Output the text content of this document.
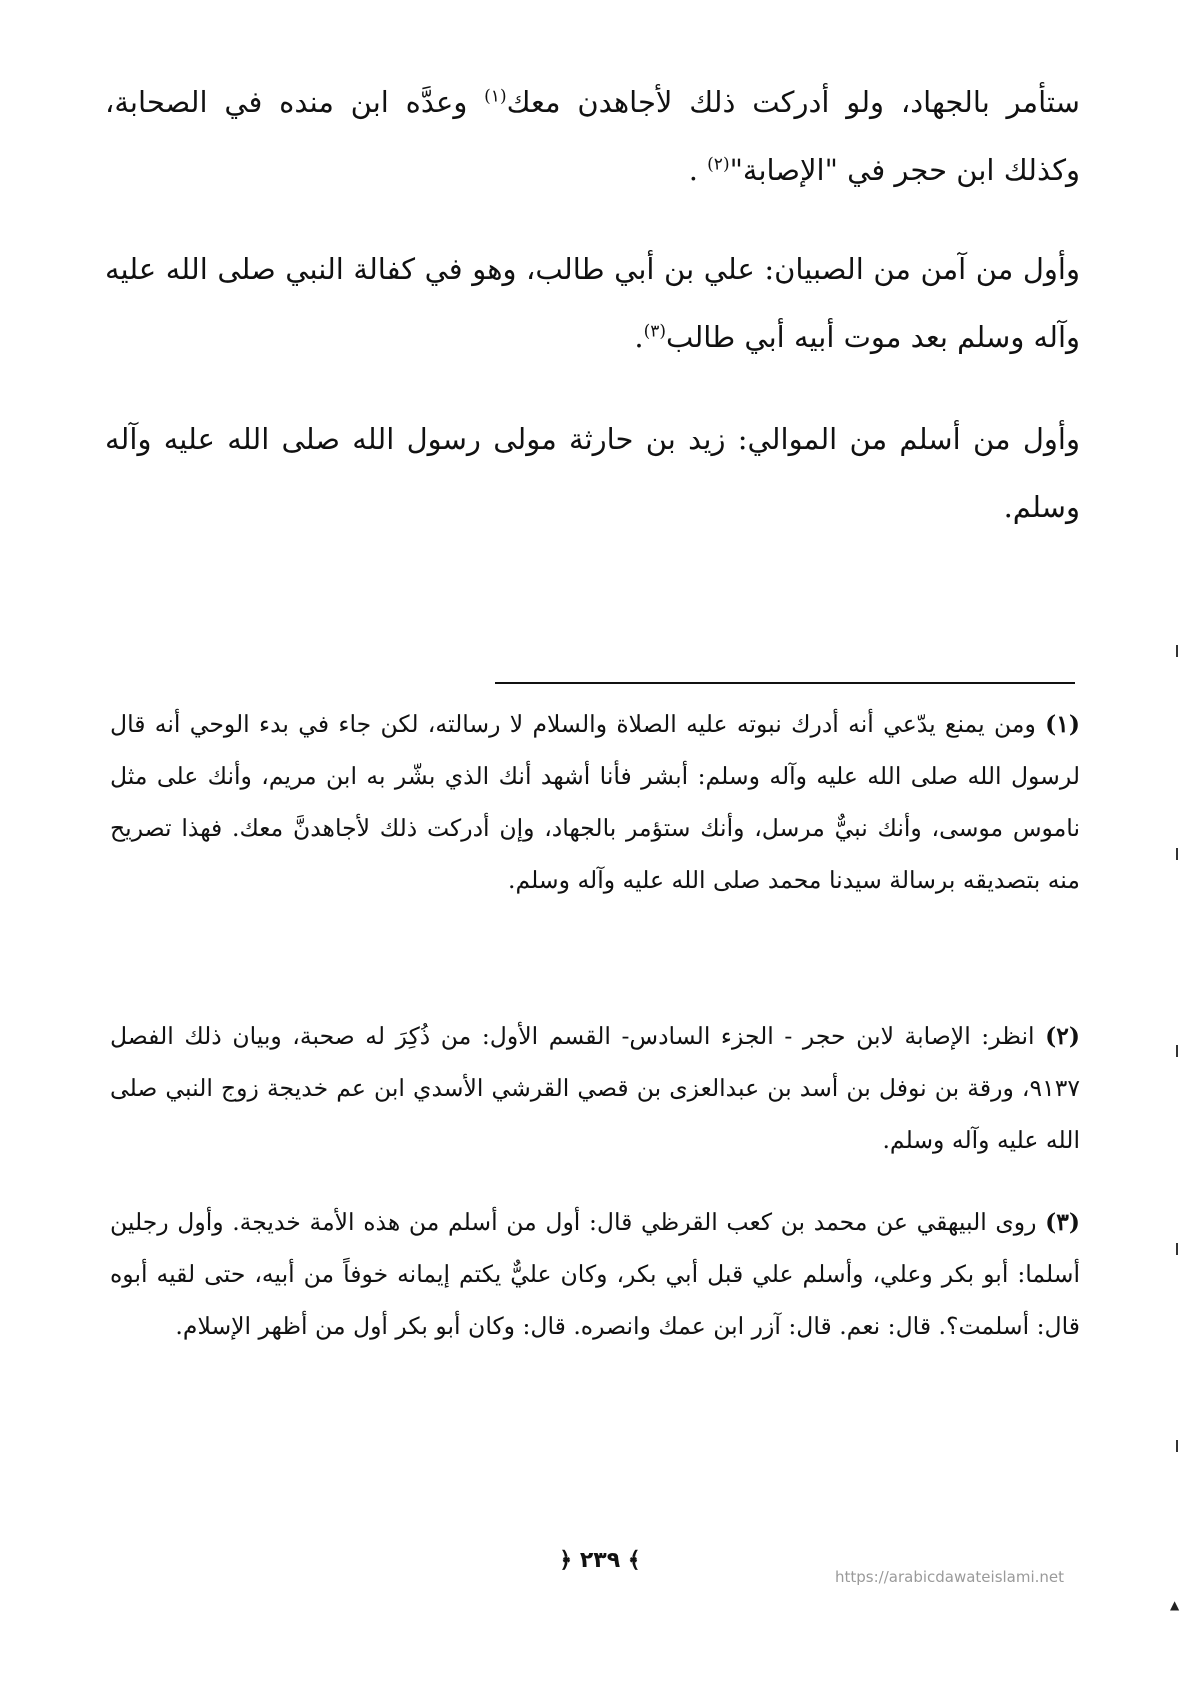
ستأمر بالجهاد، ولو أدركت ذلك لأجاهدن معك$^{(١)}$ وعدَّه ابن منده في الصحابة، وكذلك ابن حجر في "الإصابة"$^{(٢)}$ .

وأول من آمن من الصبيان: علي بن أبي طالب، وهو في كفالة النبي صلى الله عليه وآله وسلم بعد موت أبيه أبي طالب$^{(٣)}$.

وأول من أسلم من الموالي: زيد بن حارثة مولى رسول الله صلى الله عليه وآله وسلم.

(١) ومن يمنع يدّعي أنه أدرك نبوته عليه الصلاة والسلام لا رسالته، لكن جاء في بدء الوحي أنه قال لرسول الله صلى الله عليه وآله وسلم: أبشر فأنا أشهد أنك الذي بشّر به ابن مريم، وأنك على مثل ناموس موسى، وأنك نبيٌّ مرسل، وأنك ستؤمر بالجهاد، وإن أدركت ذلك لأجاهدنَّ معك. فهذا تصريح منه بتصديقه برسالة سيدنا محمد صلى الله عليه وآله وسلم.

(٢) انظر: الإصابة لابن حجر - الجزء السادس- القسم الأول: من ذُكِرَ له صحبة، وبيان ذلك الفصل ٩١٣٧، ورقة بن نوفل بن أسد بن عبدالعزى بن قصي القرشي الأسدي ابن عم خديجة زوج النبي صلى الله عليه وآله وسلم.

(٣) روى البيهقي عن محمد بن كعب القرظي قال: أول من أسلم من هذه الأمة خديجة. وأول رجلين أسلما: أبو بكر وعلي، وأسلم علي قبل أبي بكر، وكان عليٌّ يكتم إيمانه خوفاً من أبيه، حتى لقيه أبوه قال: أسلمت؟. قال: نعم. قال: آزر ابن عمك وانصره. قال: وكان أبو بكر أول من أظهر الإسلام.

﴿ ٢٣٩ ﴾
https://arabicdawateislami.net
▲
